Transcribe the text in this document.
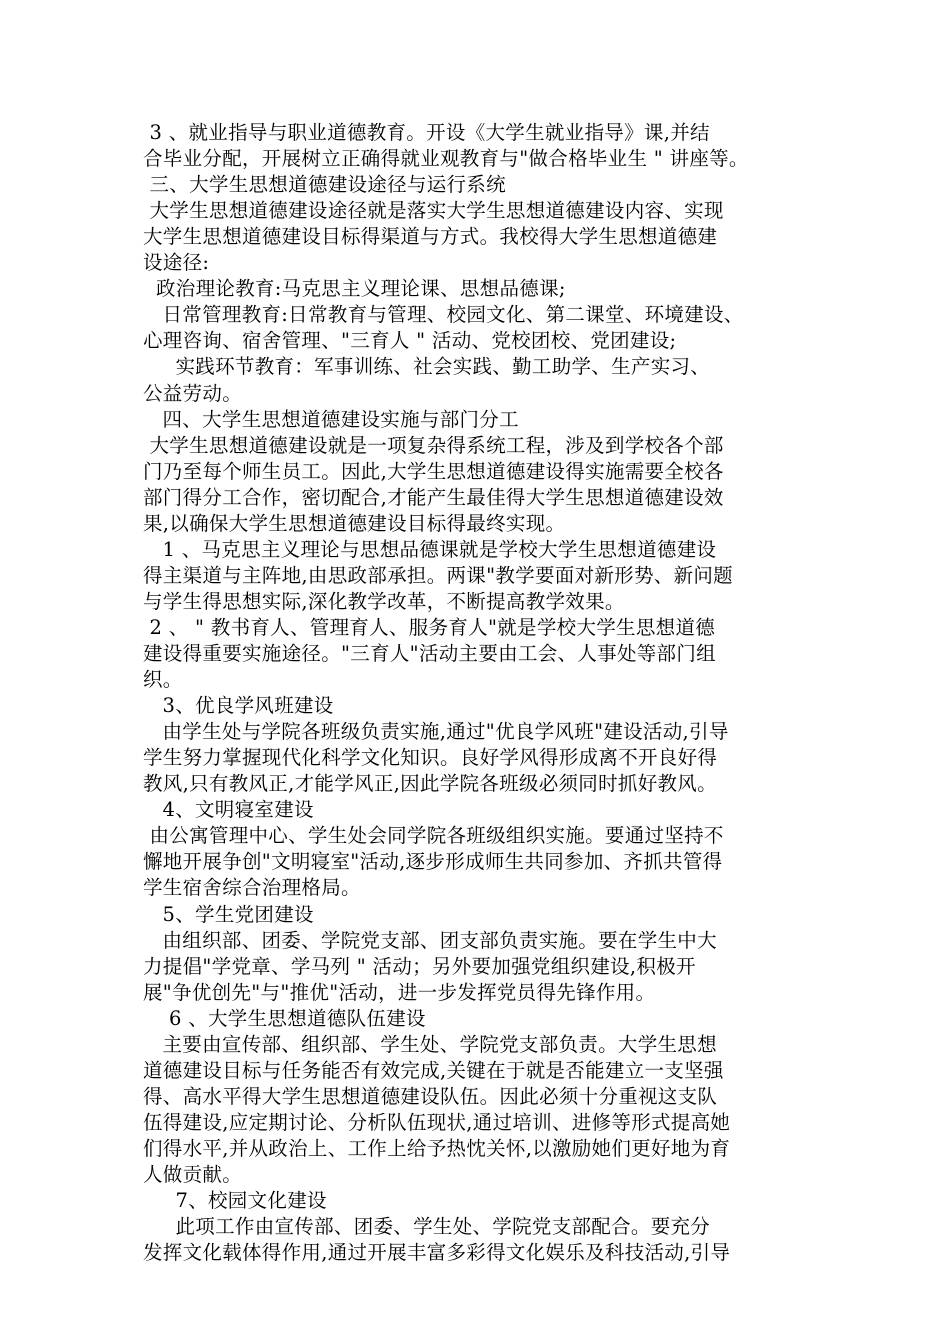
3 、就业指导与职业道德教育。开设《大学生就业指导》课,并结
合毕业分配，开展树立正确得就业观教育与"做合格毕业生 " 讲座等。
三、大学生思想道德建设途径与运行系统
大学生思想道德建设途径就是落实大学生思想道德建设内容、实现
大学生思想道德建设目标得渠道与方式。我校得大学生思想道德建
设途径:
政治理论教育:马克思主义理论课、思想品德课;
日常管理教育:日常教育与管理、校园文化、第二课堂、环境建设、
心理咨询、宿舍管理、"三育人 " 活动、党校团校、党团建设;
实践环节教育：军事训练、社会实践、勤工助学、生产实习、
公益劳动。
四、大学生思想道德建设实施与部门分工
大学生思想道德建设就是一项复杂得系统工程，涉及到学校各个部
门乃至每个师生员工。因此,大学生思想道德建设得实施需要全校各
部门得分工合作，密切配合,才能产生最佳得大学生思想道德建设效
果,以确保大学生思想道德建设目标得最终实现。
1 、马克思主义理论与思想品德课就是学校大学生思想道德建设
得主渠道与主阵地,由思政部承担。两课"教学要面对新形势、新问题
与学生得思想实际,深化教学改革，不断提高教学效果。
2 、 " 教书育人、管理育人、服务育人"就是学校大学生思想道德
建设得重要实施途径。"三育人"活动主要由工会、人事处等部门组
织。
3、优良学风班建设
由学生处与学院各班级负责实施,通过"优良学风班"建设活动,引导
学生努力掌握现代化科学文化知识。良好学风得形成离不开良好得
教风,只有教风正,才能学风正,因此学院各班级必须同时抓好教风。
4、文明寝室建设
由公寓管理中心、学生处会同学院各班级组织实施。要通过坚持不
懈地开展争创"文明寝室"活动,逐步形成师生共同参加、齐抓共管得
学生宿舍综合治理格局。
5、学生党团建设
由组织部、团委、学院党支部、团支部负责实施。要在学生中大
力提倡"学党章、学马列 " 活动；另外要加强党组织建设,积极开
展"争优创先"与"推优"活动，进一步发挥党员得先锋作用。
6 、大学生思想道德队伍建设
主要由宣传部、组织部、学生处、学院党支部负责。大学生思想
道德建设目标与任务能否有效完成,关键在于就是否能建立一支坚强
得、高水平得大学生思想道德建设队伍。因此必须十分重视这支队
伍得建设,应定期讨论、分析队伍现状,通过培训、进修等形式提高她
们得水平,并从政治上、工作上给予热忱关怀,以激励她们更好地为育
人做贡献。
7、校园文化建设
此项工作由宣传部、团委、学生处、学院党支部配合。要充分
发挥文化载体得作用,通过开展丰富多彩得文化娱乐及科技活动,引导
